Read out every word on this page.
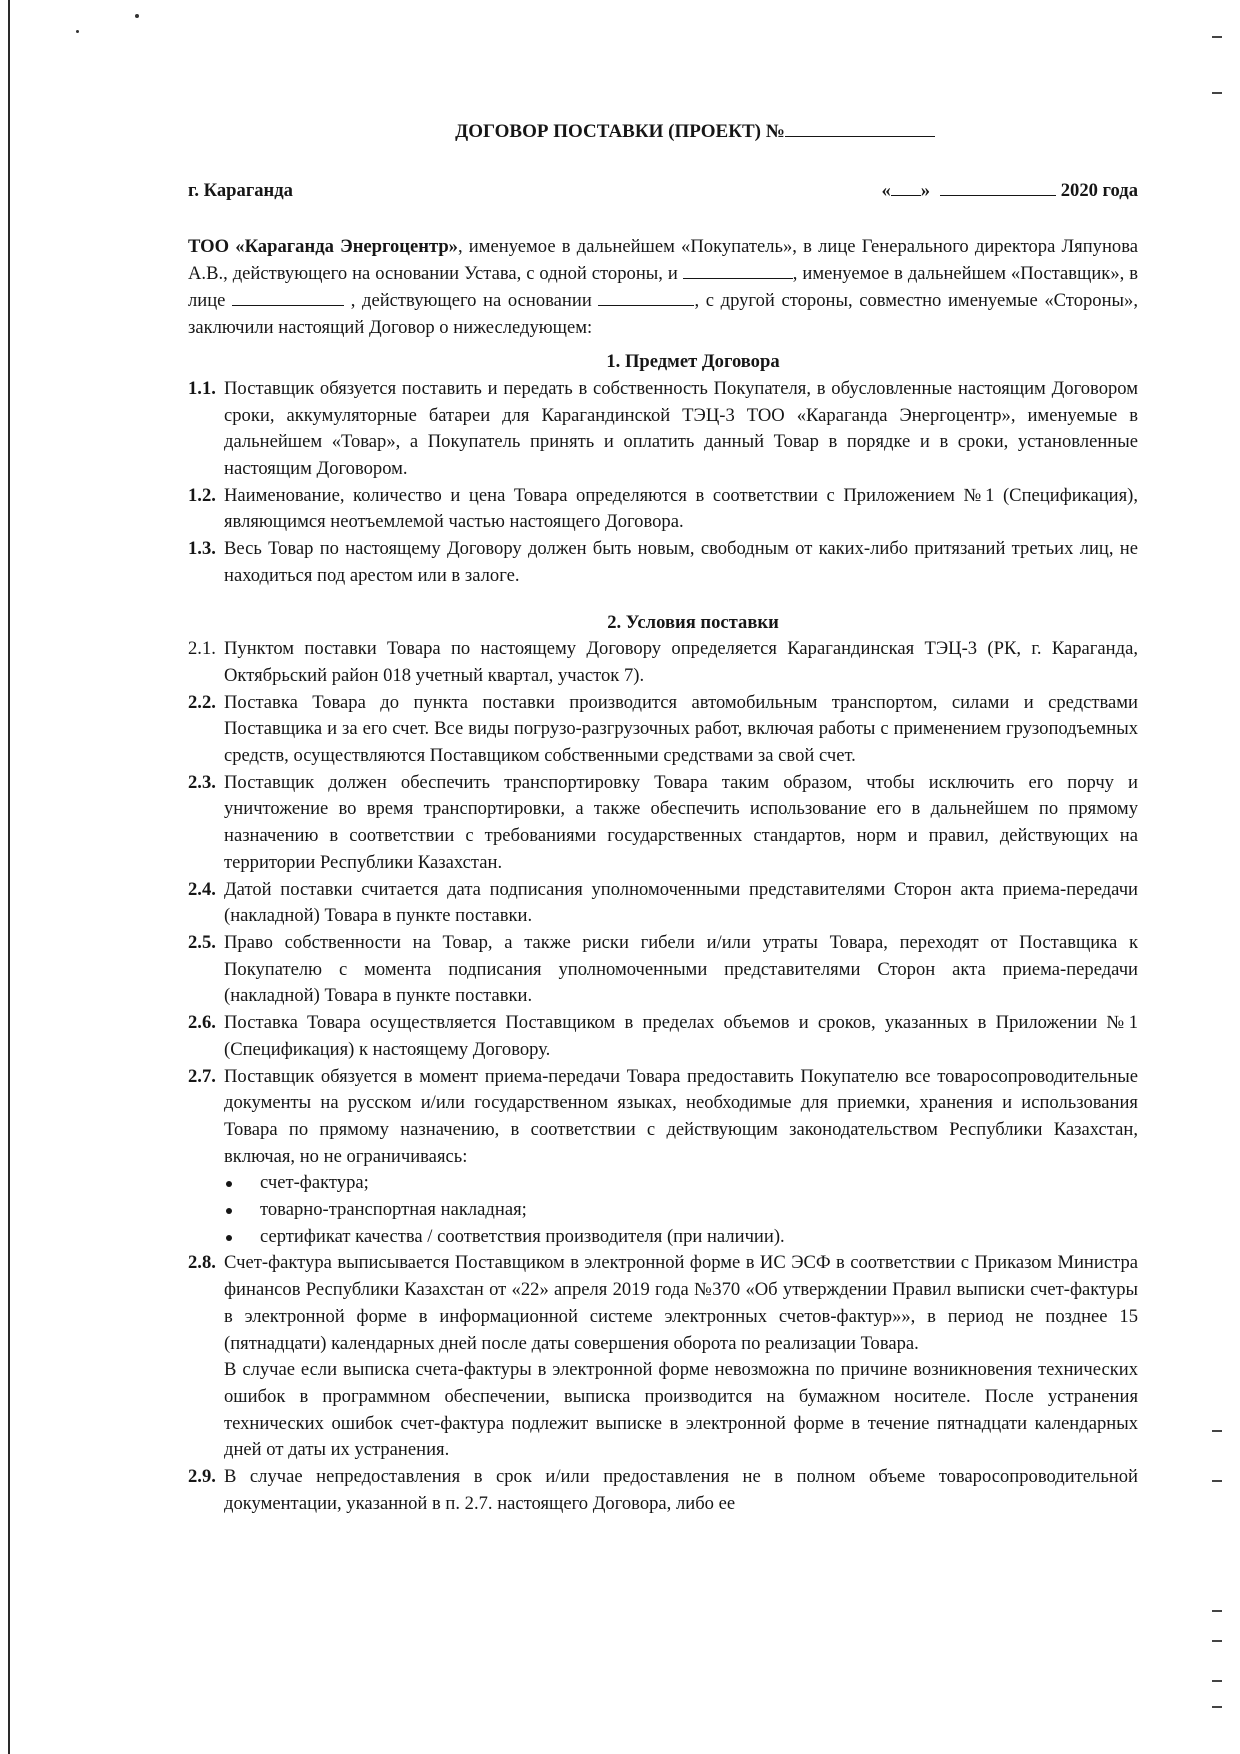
ДОГОВОР ПОСТАВКИ (ПРОЕКТ) №
г. Караганда	« »	2020 года
ТОО «Караганда Энергоцентр», именуемое в дальнейшем «Покупатель», в лице Генерального директора Ляпунова А.В., действующего на основании Устава, с одной стороны, и	, именуемое в дальнейшем «Поставщик», в лице	, действующего на основании	, с другой стороны, совместно именуемые «Стороны», заключили настоящий Договор о нижеследующем:
1. Предмет Договора
1.1. Поставщик обязуется поставить и передать в собственность Покупателя, в обусловленные настоящим Договором сроки, аккумуляторные батареи для Карагандинской ТЭЦ-3 ТОО «Караганда Энергоцентр», именуемые в дальнейшем «Товар», а Покупатель принять и оплатить данный Товар в порядке и в сроки, установленные настоящим Договором.
1.2. Наименование, количество и цена Товара определяются в соответствии с Приложением №1 (Спецификация), являющимся неотъемлемой частью настоящего Договора.
1.3. Весь Товар по настоящему Договору должен быть новым, свободным от каких-либо притязаний третьих лиц, не находиться под арестом или в залоге.
2. Условия поставки
2.1. Пунктом поставки Товара по настоящему Договору определяется Карагандинская ТЭЦ-3 (РК, г. Караганда, Октябрьский район 018 учетный квартал, участок 7).
2.2. Поставка Товара до пункта поставки производится автомобильным транспортом, силами и средствами Поставщика и за его счет. Все виды погрузо-разгрузочных работ, включая работы с применением грузоподъемных средств, осуществляются Поставщиком собственными средствами за свой счет.
2.3. Поставщик должен обеспечить транспортировку Товара таким образом, чтобы исключить его порчу и уничтожение во время транспортировки, а также обеспечить использование его в дальнейшем по прямому назначению в соответствии с требованиями государственных стандартов, норм и правил, действующих на территории Республики Казахстан.
2.4. Датой поставки считается дата подписания уполномоченными представителями Сторон акта приема-передачи (накладной) Товара в пункте поставки.
2.5. Право собственности на Товар, а также риски гибели и/или утраты Товара, переходят от Поставщика к Покупателю с момента подписания уполномоченными представителями Сторон акта приема-передачи (накладной) Товара в пункте поставки.
2.6. Поставка Товара осуществляется Поставщиком в пределах объемов и сроков, указанных в Приложении №1 (Спецификация) к настоящему Договору.
2.7. Поставщик обязуется в момент приема-передачи Товара предоставить Покупателю все товаросопроводительные документы на русском и/или государственном языках, необходимые для приемки, хранения и использования Товара по прямому назначению, в соответствии с действующим законодательством Республики Казахстан, включая, но не ограничиваясь:
счет-фактура;
товарно-транспортная накладная;
сертификат качества / соответствия производителя (при наличии).
2.8. Счет-фактура выписывается Поставщиком в электронной форме в ИС ЭСФ в соответствии с Приказом Министра финансов Республики Казахстан от «22» апреля 2019 года №370 «Об утверждении Правил выписки счет-фактуры в электронной форме в информационной системе электронных счетов-фактур»», в период не позднее 15 (пятнадцати) календарных дней после даты совершения оборота по реализации Товара.
В случае если выписка счета-фактуры в электронной форме невозможна по причине возникновения технических ошибок в программном обеспечении, выписка производится на бумажном носителе. После устранения технических ошибок счет-фактура подлежит выписке в электронной форме в течение пятнадцати календарных дней от даты их устранения.
2.9. В случае непредоставления в срок и/или предоставления не в полном объеме товаросопроводительной документации, указанной в п. 2.7. настоящего Договора, либо ее
